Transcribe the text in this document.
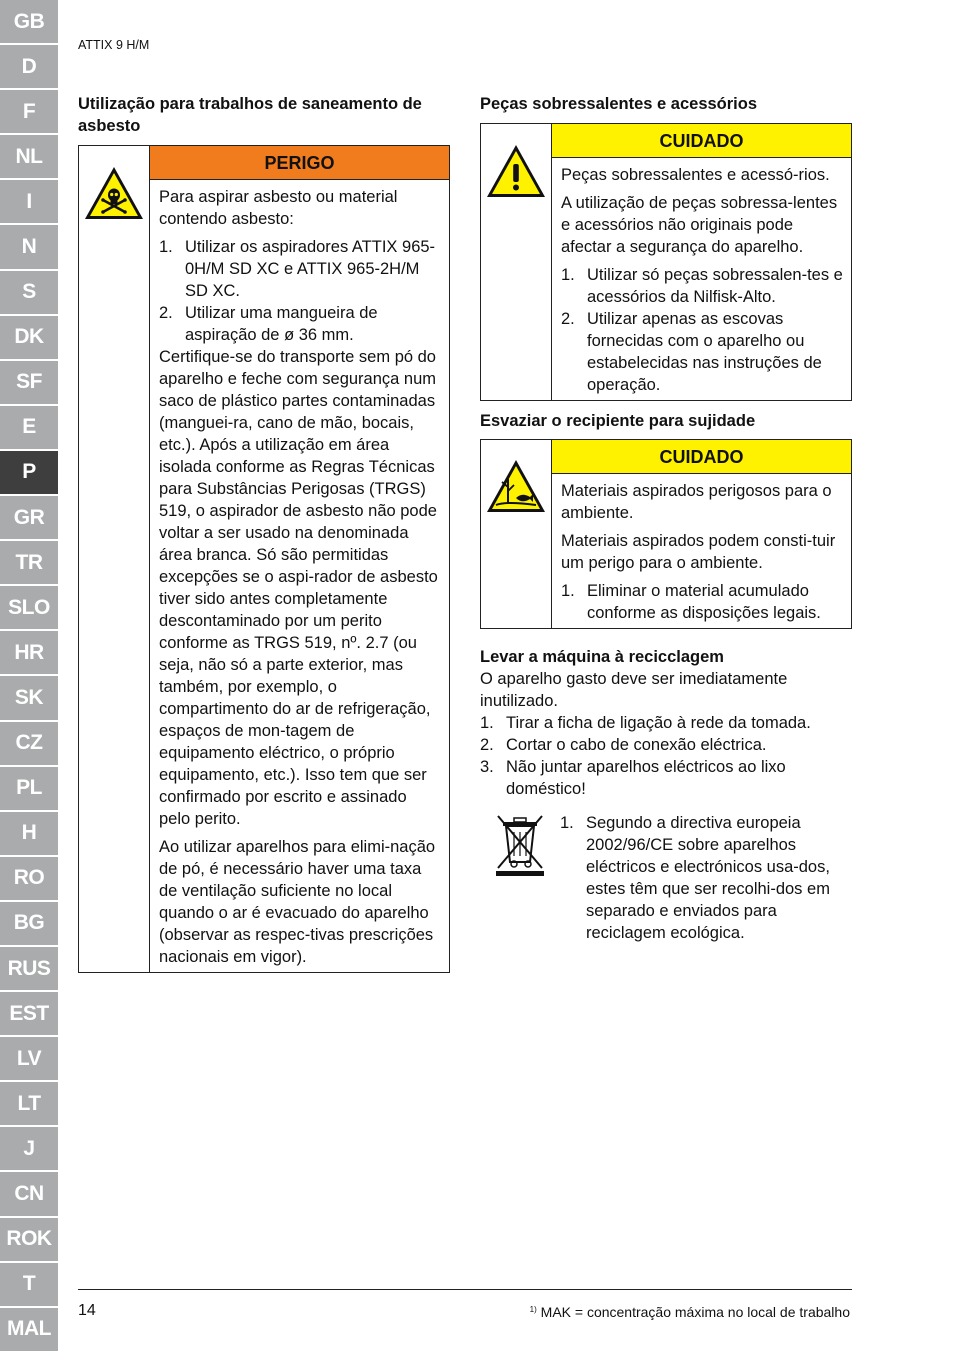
GB
D
F
NL
I
N
S
DK
SF
E
P
GR
TR
SLO
HR
SK
CZ
PL
H
RO
BG
RUS
EST
LV
LT
J
CN
ROK
T
MAL
ATTIX 9 H/M
Utilização para trabalhos de saneamento de asbesto
PERIGO

Para aspirar asbesto ou material contendo asbesto:

1. Utilizar os aspiradores ATTIX 965-0H/M SD XC e ATTIX 965-2H/M SD XC.
2. Utilizar uma mangueira de aspiração de ø 36 mm.

Certifique-se do transporte sem pó do aparelho e feche com segurança num saco de plástico partes contaminadas (manguei-ra, cano de mão, bocais, etc.). Após a utilização em área isolada conforme as Regras Técnicas para Substâncias Perigosas (TRGS) 519, o aspirador de asbesto não pode voltar a ser usado na denominada área branca. Só são permitidas excepções se o aspi-rador de asbesto tiver sido antes completamente descontaminado por um perito conforme as TRGS 519, nº. 2.7 (ou seja, não só a parte exterior, mas também, por exemplo, o compartimento do ar de refrigeração, espaços de mon-tagem de equipamento eléctrico, o próprio equipamento, etc.). Isso tem que ser confirmado por escrito e assinado pelo perito.

Ao utilizar aparelhos para elimi-nação de pó, é necessário haver uma taxa de ventilação suficiente no local quando o ar é evacuado do aparelho (observar as respec-tivas prescrições nacionais em vigor).

Peças sobressalentes e acessórios
CUIDADO

Peças sobressalentes e acessó-rios.

A utilização de peças sobressa-lentes e acessórios não originais pode afectar a segurança do aparelho.

1. Utilizar só peças sobressalen-tes e acessórios da Nilfisk-Alto.
2. Utilizar apenas as escovas fornecidas com o aparelho ou estabelecidas nas instruções de operação.
Esvaziar o recipiente para sujidade
CUIDADO

Materiais aspirados perigosos para o ambiente.

Materiais aspirados podem consti-tuir um perigo para o ambiente.

1. Eliminar o material acumulado conforme as disposições legais.
Levar a máquina à recicclagem

O aparelho gasto deve ser imediatamente inutilizado.

1. Tirar a ficha de ligação à rede da tomada.
2. Cortar o cabo de conexão eléctrica.
3. Não juntar aparelhos eléctricos ao lixo doméstico!
1. Segundo a directiva europeia 2002/96/CE sobre aparelhos eléctricos e electrónicos usa-dos, estes têm que ser recolhi-dos em separado e enviados para reciclagem ecológica.
14	$^{1)}$ MAK = concentração máxima no local de trabalho
